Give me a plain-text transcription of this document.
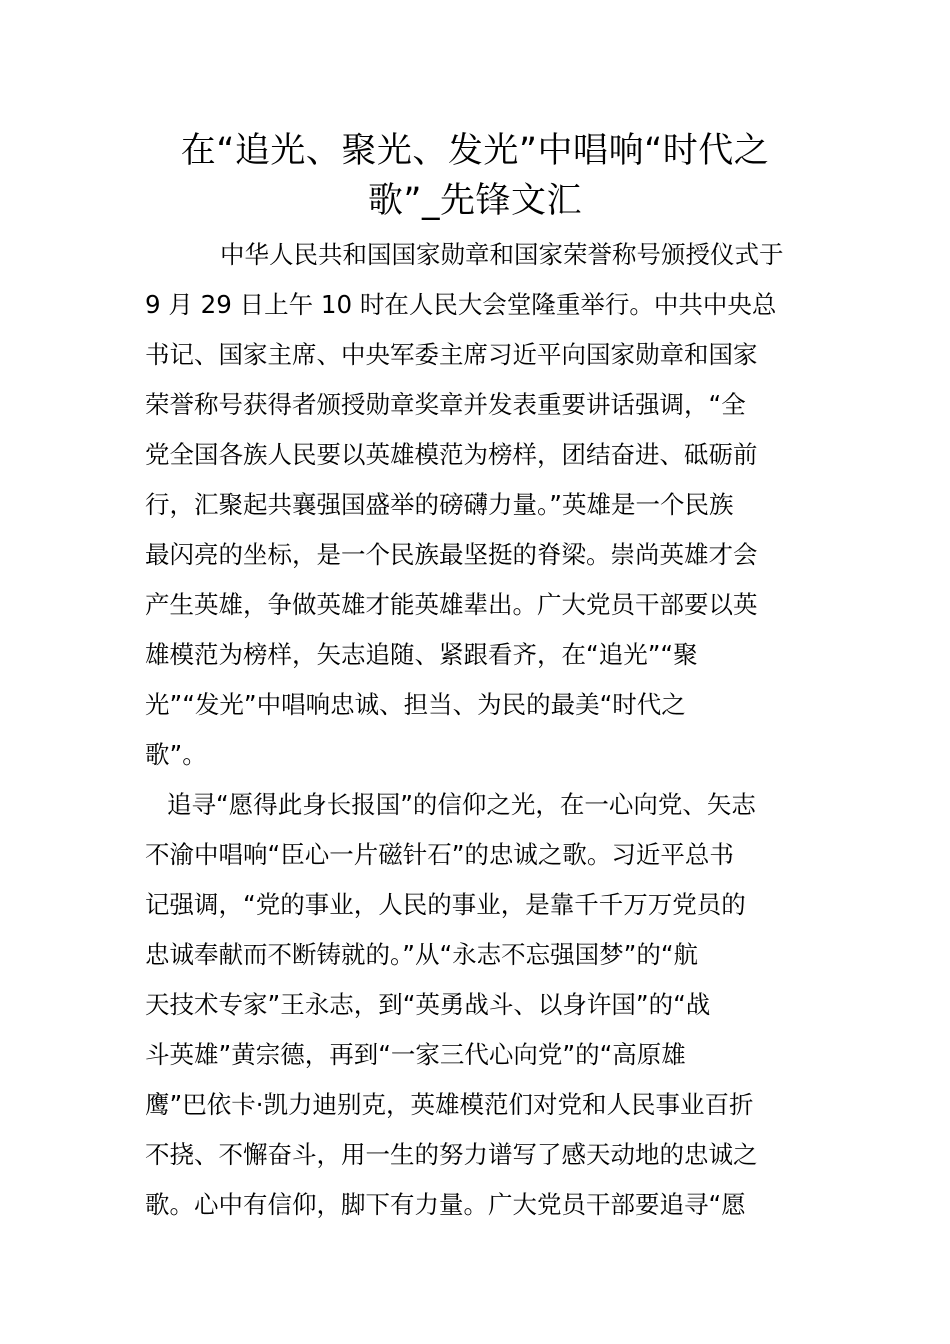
在“追光、聚光、发光”中唱响“时代之
歌”_先锋文汇
中华人民共和国国家勋章和国家荣誉称号颁授仪式于
9 月 29 日上午 10 时在人民大会堂隆重举行。中共中央总
书记、国家主席、中央军委主席习近平向国家勋章和国家
荣誉称号获得者颁授勋章奖章并发表重要讲话强调，“全
党全国各族人民要以英雄模范为榜样，团结奋进、砥砺前
行，汇聚起共襄强国盛举的磅礴力量。”英雄是一个民族
最闪亮的坐标，是一个民族最坚挺的脊梁。崇尚英雄才会
产生英雄，争做英雄才能英雄辈出。广大党员干部要以英
雄模范为榜样，矢志追随、紧跟看齐，在“追光”“聚
光”“发光”中唱响忠诚、担当、为民的最美“时代之
歌”。
追寻“愿得此身长报国”的信仰之光，在一心向党、矢志
不渝中唱响“臣心一片磁针石”的忠诚之歌。习近平总书
记强调，“党的事业，人民的事业，是靠千千万万党员的
忠诚奉献而不断铸就的。”从“永志不忘强国梦”的“航
天技术专家”王永志，到“英勇战斗、以身许国”的“战
斗英雄”黄宗德，再到“一家三代心向党”的“高原雄
鹰”巴依卡·凯力迪别克，英雄模范们对党和人民事业百折
不挠、不懈奋斗，用一生的努力谱写了感天动地的忠诚之
歌。心中有信仰，脚下有力量。广大党员干部要追寻“愿
